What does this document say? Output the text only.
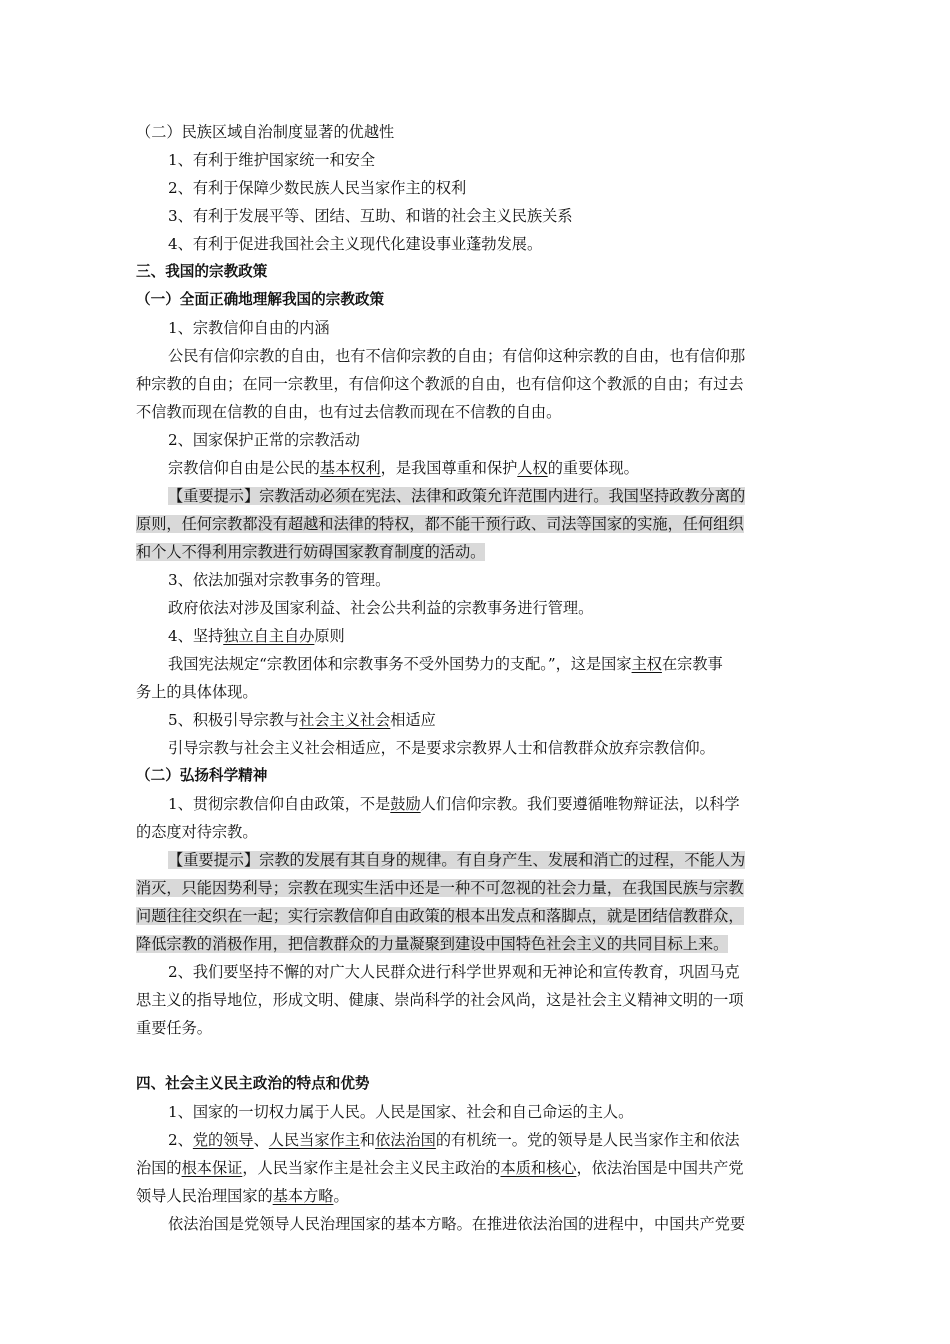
（二）民族区域自治制度显著的优越性
1、有利于维护国家统一和安全
2、有利于保障少数民族人民当家作主的权利
3、有利于发展平等、团结、互助、和谐的社会主义民族关系
4、有利于促进我国社会主义现代化建设事业蓬勃发展。
三、我国的宗教政策
（一）全面正确地理解我国的宗教政策
1、宗教信仰自由的内涵
公民有信仰宗教的自由，也有不信仰宗教的自由；有信仰这种宗教的自由，也有信仰那
种宗教的自由；在同一宗教里，有信仰这个教派的自由，也有信仰这个教派的自由；有过去
不信教而现在信教的自由，也有过去信教而现在不信教的自由。
2、国家保护正常的宗教活动
宗教信仰自由是公民的基本权利，是我国尊重和保护人权的重要体现。
【重要提示】宗教活动必须在宪法、法律和政策允许范围内进行。我国坚持政教分离的
原则，任何宗教都没有超越和法律的特权，都不能干预行政、司法等国家的实施，任何组织
和个人不得利用宗教进行妨碍国家教育制度的活动。
3、依法加强对宗教事务的管理。
政府依法对涉及国家利益、社会公共利益的宗教事务进行管理。
4、坚持独立自主自办原则
我国宪法规定“宗教团体和宗教事务不受外国势力的支配。”，这是国家主权在宗教事
务上的具体体现。
5、积极引导宗教与社会主义社会相适应
引导宗教与社会主义社会相适应，不是要求宗教界人士和信教群众放弃宗教信仰。
（二）弘扬科学精神
1、贯彻宗教信仰自由政策，不是鼓励人们信仰宗教。我们要遵循唯物辩证法，以科学
的态度对待宗教。
【重要提示】宗教的发展有其自身的规律。有自身产生、发展和消亡的过程，不能人为
消灭，只能因势利导；宗教在现实生活中还是一种不可忽视的社会力量，在我国民族与宗教
问题往往交织在一起；实行宗教信仰自由政策的根本出发点和落脚点，就是团结信教群众，
降低宗教的消极作用，把信教群众的力量凝聚到建设中国特色社会主义的共同目标上来。
2、我们要坚持不懈的对广大人民群众进行科学世界观和无神论和宣传教育，巩固马克
思主义的指导地位，形成文明、健康、崇尚科学的社会风尚，这是社会主义精神文明的一项
重要任务。
四、社会主义民主政治的特点和优势
1、国家的一切权力属于人民。人民是国家、社会和自己命运的主人。
2、党的领导、人民当家作主和依法治国的有机统一。党的领导是人民当家作主和依法
治国的根本保证，人民当家作主是社会主义民主政治的本质和核心，依法治国是中国共产党
领导人民治理国家的基本方略。
依法治国是党领导人民治理国家的基本方略。在推进依法治国的进程中，中国共产党要
